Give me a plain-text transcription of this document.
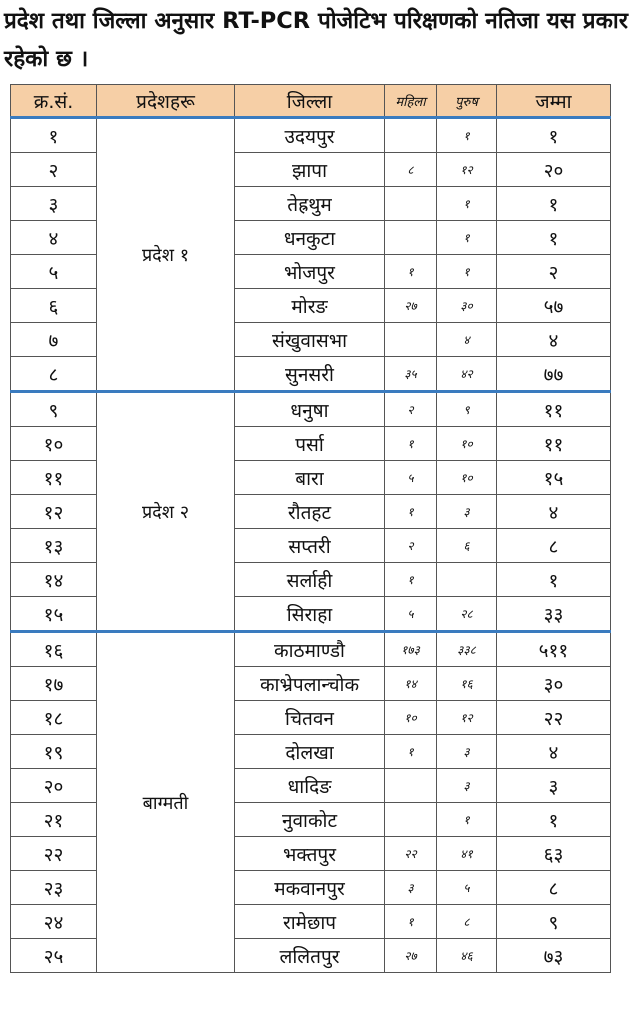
प्रदेश तथा जिल्ला अनुसार RT-PCR पोजेटिभ परिक्षणको नतिजा यस प्रकार रहेको छ ।
क्र.सं.	प्रदेशहरू	जिल्ला	महिला	पुरुष	जम्मा
१	प्रदेश १	उदयपुर		१	१
२		झापा	८	१२	२०
३		तेह्रथुम		१	१
४		धनकुटा		१	१
५		भोजपुर	१	१	२
६		मोरङ	२७	३०	५७
७		संखुवासभा		४	४
८		सुनसरी	३५	४२	७७
९	प्रदेश २	धनुषा	२	९	११
१०		पर्सा	१	१०	११
११		बारा	५	१०	१५
१२		रौतहट	१	३	४
१३		सप्तरी	२	६	८
१४		सर्लाही	१		१
१५		सिराहा	५	२८	३३
१६	बाग्मती	काठमाण्डौ	१७३	३३८	५११
१७		काभ्रेपलान्चोक	१४	१६	३०
१८		चितवन	१०	१२	२२
१९		दोलखा	१	३	४
२०		धादिङ		३	३
२१		नुवाकोट		१	१
२२		भक्तपुर	२२	४१	६३
२३		मकवानपुर	३	५	८
२४		रामेछाप	१	८	९
२५		ललितपुर	२७	४६	७३
